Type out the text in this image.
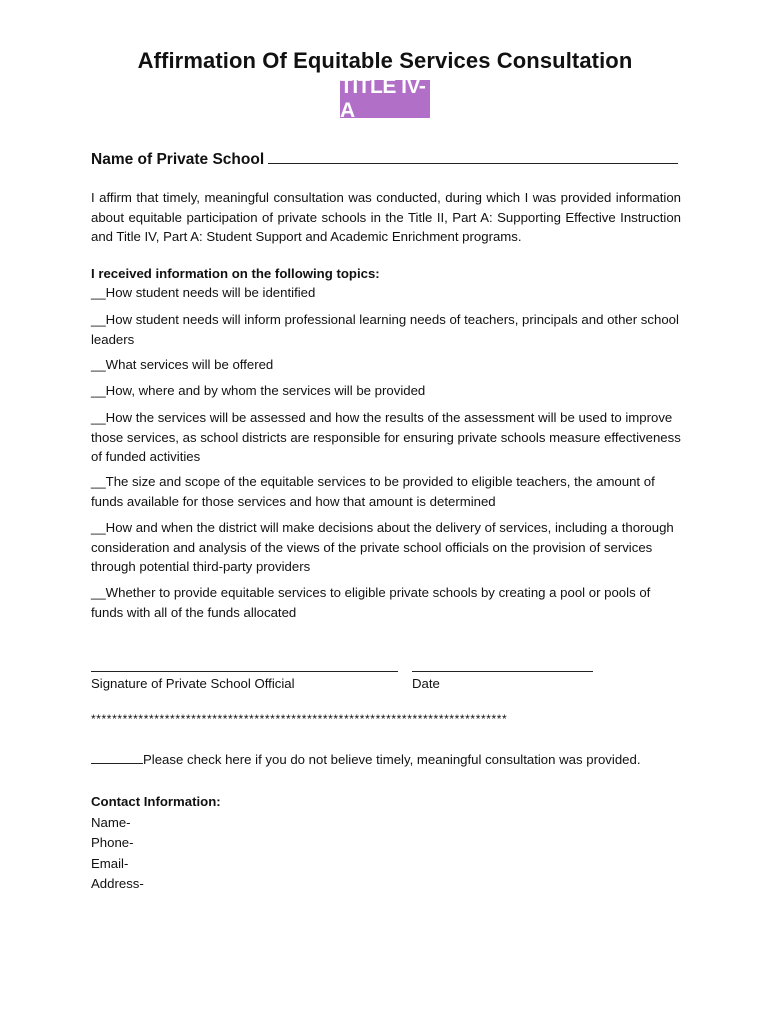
Affirmation Of Equitable Services Consultation
TITLE IV-A
Name of Private School
I affirm that timely, meaningful consultation was conducted, during which I was provided information about equitable participation of private schools in the Title II, Part A: Supporting Effective Instruction and Title IV, Part A: Student Support and Academic Enrichment programs.
I received information on the following topics:
__How student needs will be identified
__How student needs will inform professional learning needs of teachers, principals and other school leaders
__What services will be offered
__How, where and by whom the services will be provided
__How the services will be assessed and how the results of the assessment will be used to improve those services, as school districts are responsible for ensuring private schools measure effectiveness of funded activities
__The size and scope of the equitable services to be provided to eligible teachers, the amount of funds available for those services and how that amount is determined
__How and when the district will make decisions about the delivery of services, including a thorough consideration and analysis of the views of the private school officials on the provision of services through potential third-party providers
__Whether to provide equitable services to eligible private schools by creating a pool or pools of funds with all of the funds allocated
Signature of Private School Official	Date
*******************************************************************************
Please check here if you do not believe timely, meaningful consultation was provided.
Contact Information:
Name-
Phone-
Email-
Address-
